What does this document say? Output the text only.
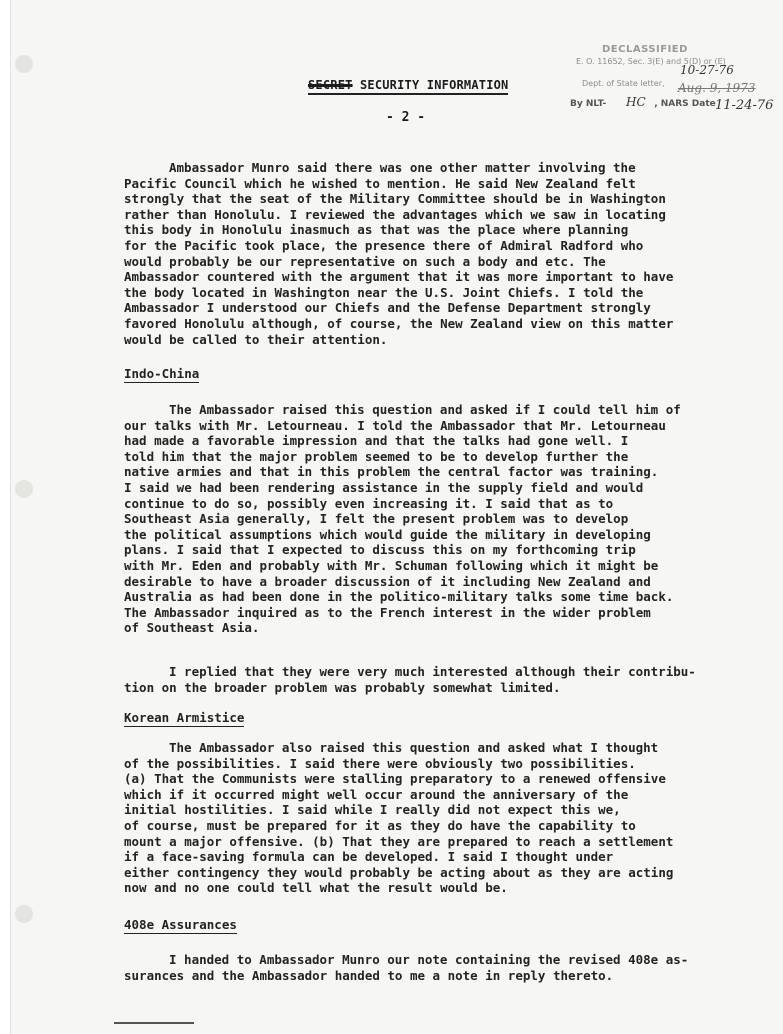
SECRET SECURITY INFORMATION
- 2 -
DECLASSIFIED
E. O. 11652, Sec. 3(E) and 5(D) or (E)
Dept. of State letter,
By NLT-	, NARS Date
10-27-76
Aug. 9, 1973
HC	11-24-76
Ambassador Munro said there was one other matter involving the
Pacific Council which he wished to mention. He said New Zealand felt
strongly that the seat of the Military Committee should be in Washington
rather than Honolulu. I reviewed the advantages which we saw in locating
this body in Honolulu inasmuch as that was the place where planning
for the Pacific took place, the presence there of Admiral Radford who
would probably be our representative on such a body and etc. The
Ambassador countered with the argument that it was more important to have
the body located in Washington near the U.S. Joint Chiefs. I told the
Ambassador I understood our Chiefs and the Defense Department strongly
favored Honolulu although, of course, the New Zealand view on this matter
would be called to their attention.
Indo-China
The Ambassador raised this question and asked if I could tell him of
our talks with Mr. Letourneau. I told the Ambassador that Mr. Letourneau
had made a favorable impression and that the talks had gone well. I
told him that the major problem seemed to be to develop further the
native armies and that in this problem the central factor was training.
I said we had been rendering assistance in the supply field and would
continue to do so, possibly even increasing it. I said that as to
Southeast Asia generally, I felt the present problem was to develop
the political assumptions which would guide the military in developing
plans. I said that I expected to discuss this on my forthcoming trip
with Mr. Eden and probably with Mr. Schuman following which it might be
desirable to have a broader discussion of it including New Zealand and
Australia as had been done in the politico-military talks some time back.
The Ambassador inquired as to the French interest in the wider problem
of Southeast Asia.
I replied that they were very much interested although their contribu-
tion on the broader problem was probably somewhat limited.
Korean Armistice
The Ambassador also raised this question and asked what I thought
of the possibilities. I said there were obviously two possibilities.
(a) That the Communists were stalling preparatory to a renewed offensive
which if it occurred might well occur around the anniversary of the
initial hostilities. I said while I really did not expect this we,
of course, must be prepared for it as they do have the capability to
mount a major offensive. (b) That they are prepared to reach a settlement
if a face-saving formula can be developed. I said I thought under
either contingency they would probably be acting about as they are acting
now and no one could tell what the result would be.
408e Assurances
I handed to Ambassador Munro our note containing the revised 408e as-
surances and the Ambassador handed to me a note in reply thereto.
